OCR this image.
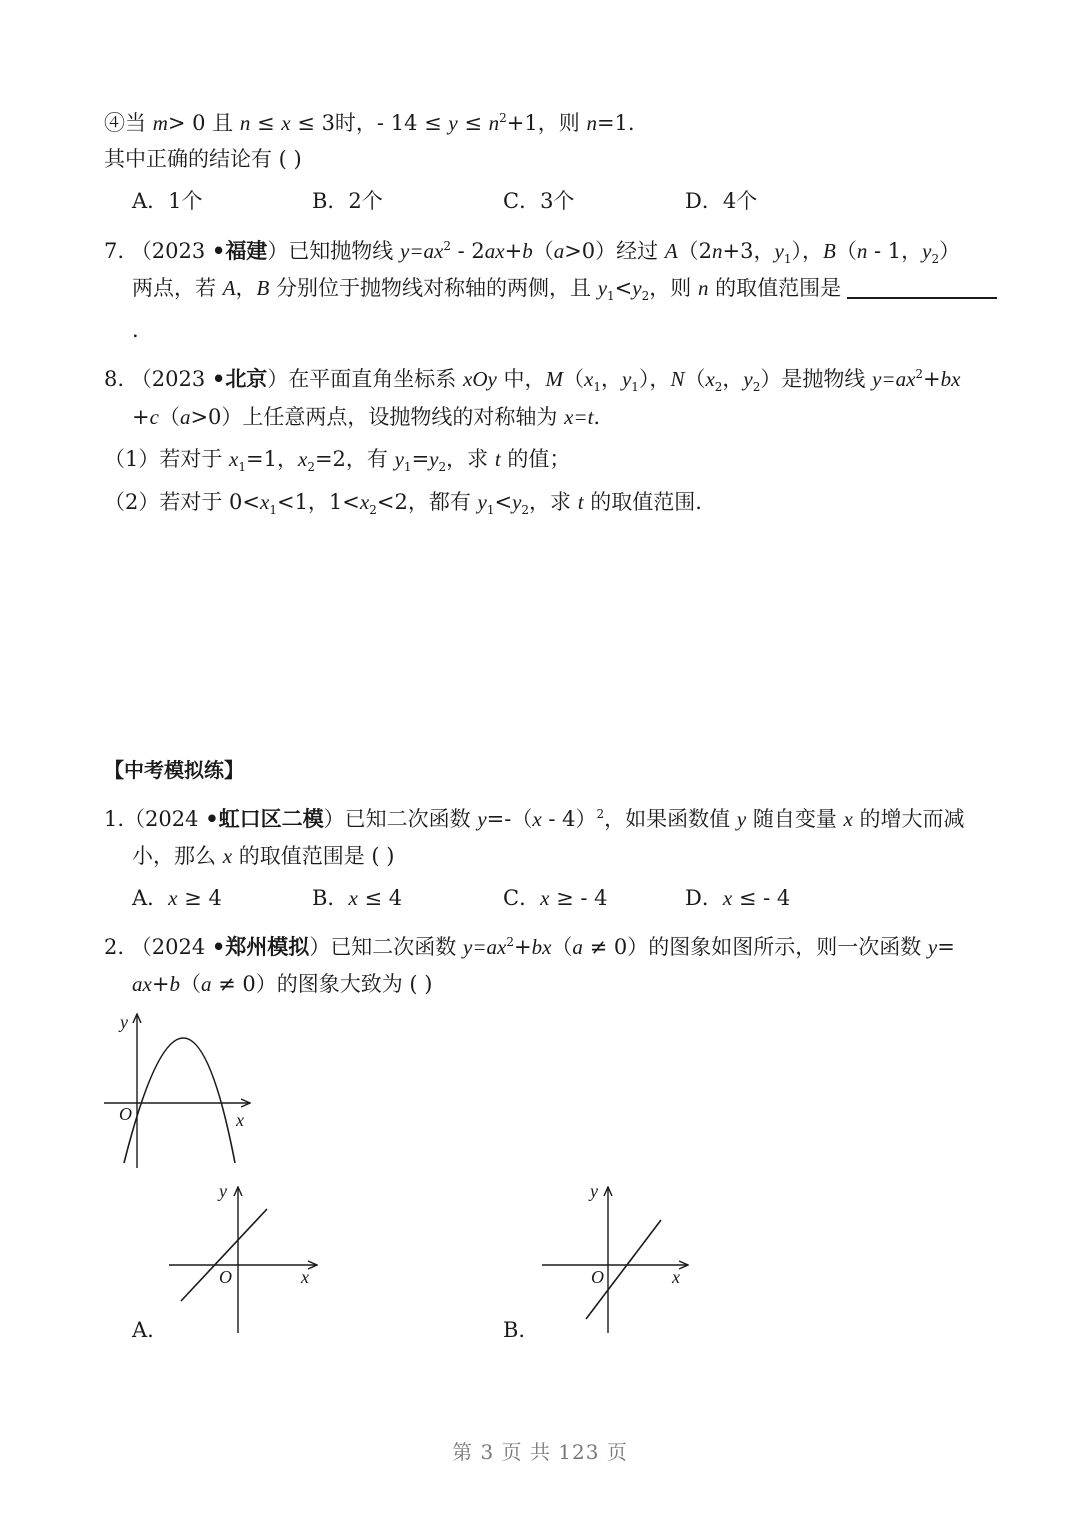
④当 m> 0 且 n ≤ x ≤ 3时，- $14 \le y \le n^2+1$，则 n=1.
其中正确的结论有 ( )
A．1个	B．2个	C．3个	D．4个
7. （2023 •福建）已知抛物线 $y=ax^2 - 2ax+b(a>0)$经过 A（2n+3，$y_1$），B（n - 1，$y_2$）
两点，若 A，B 分别位于抛物线对称轴的两侧，且 $y_1<y_2$，则 n 的取值范围是
.
8. （2023 •北京）在平面直角坐标系 xOy 中，$M(x_1$，$y_1$），$N(x_2$，$y_2$）是抛物线 $y=ax^2+bx$
+c（a>0）上任意两点，设抛物线的对称轴为 x=t.
（1）若对于 $x_1=1$，$x_2=2$，有 $y_1=y_2$，求 t 的值；
（2）若对于 $0<x_1<1$，$1<x_2<2$，都有 $y_1<y_2$，求 t 的取值范围.
【中考模拟练】
1.（2024 •虹口区二模）已知二次函数 y=-（x - 4）$^2$，如果函数值 y 随自变量 x 的增大而减
小，那么 x 的取值范围是 ( )
A．x ≥ 4	B．x ≤ 4	C．x ≥ - 4	D．x ≤ - 4
2. （2024 •郑州模拟）已知二次函数 $y=ax^2+bx(a \ne 0)$的图象如图所示，则一次函数 y=
ax+b（a ≠ 0）的图象大致为 ( )
y
x
O
y
x
O
A.
y
x
O
B.
第 3 页 共 123 页
